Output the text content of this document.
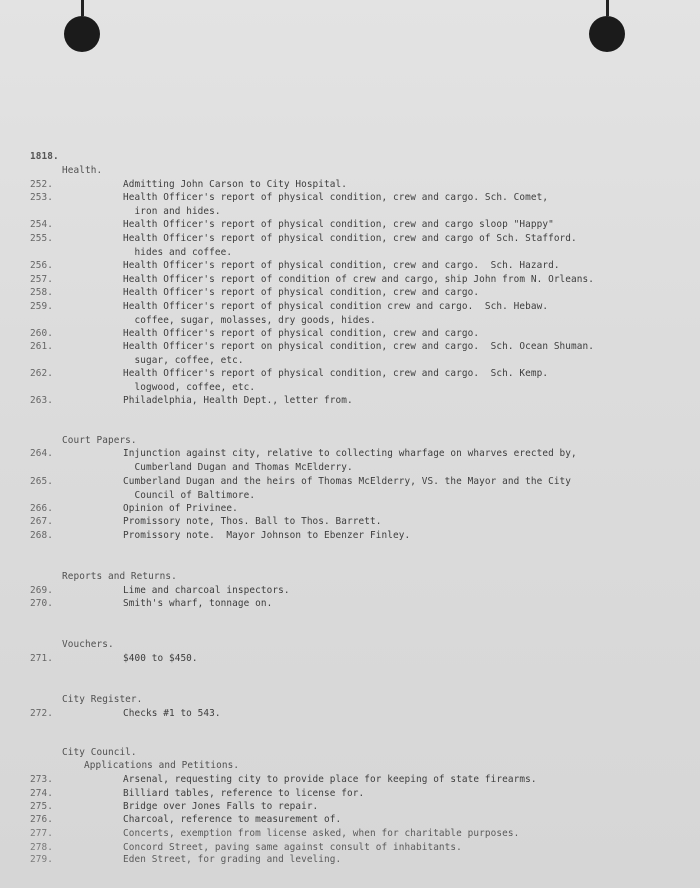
1818.
Health.
252.	Admitting John Carson to City Hospital.
253.	Health Officer's report of physical condition, crew and cargo. Sch. Comet,
iron and hides.
254.	Health Officer's report of physical condition, crew and cargo sloop "Happy"
255.	Health Officer's report of physical condition, crew and cargo of Sch. Stafford.
hides and coffee.
256.	Health Officer's report of physical condition, crew and cargo.  Sch. Hazard.
257.	Health Officer's report of condition of crew and cargo, ship John from N. Orleans.
258.	Health Officer's report of physical condition, crew and cargo.
259.	Health Officer's report of physical condition crew and cargo.  Sch. Hebaw.
coffee, sugar, molasses, dry goods, hides.
260.	Health Officer's report of physical condition, crew and cargo.
261.	Health Officer's report on physical condition, crew and cargo.  Sch. Ocean Shuman.
sugar, coffee, etc.
262.	Health Officer's report of physical condition, crew and cargo.  Sch. Kemp.
logwood, coffee, etc.
263.	Philadelphia, Health Dept., letter from.
Court Papers.
264.	Injunction against city, relative to collecting wharfage on wharves erected by,
Cumberland Dugan and Thomas McElderry.
265.	Cumberland Dugan and the heirs of Thomas McElderry, VS. the Mayor and the City
Council of Baltimore.
266.	Opinion of Privinee.
267.	Promissory note, Thos. Ball to Thos. Barrett.
268.	Promissory note.  Mayor Johnson to Ebenzer Finley.
Reports and Returns.
269.	Lime and charcoal inspectors.
270.	Smith's wharf, tonnage on.
Vouchers.
271.	$400 to $450.
City Register.
272.	Checks #1 to 543.
City Council.
Applications and Petitions.
273.	Arsenal, requesting city to provide place for keeping of state firearms.
274.	Billiard tables, reference to license for.
275.	Bridge over Jones Falls to repair.
276.	Charcoal, reference to measurement of.
277.	Concerts, exemption from license asked, when for charitable purposes.
278.	Concord Street, paving same against consult of inhabitants.
279.	Eden Street, for grading and leveling.
